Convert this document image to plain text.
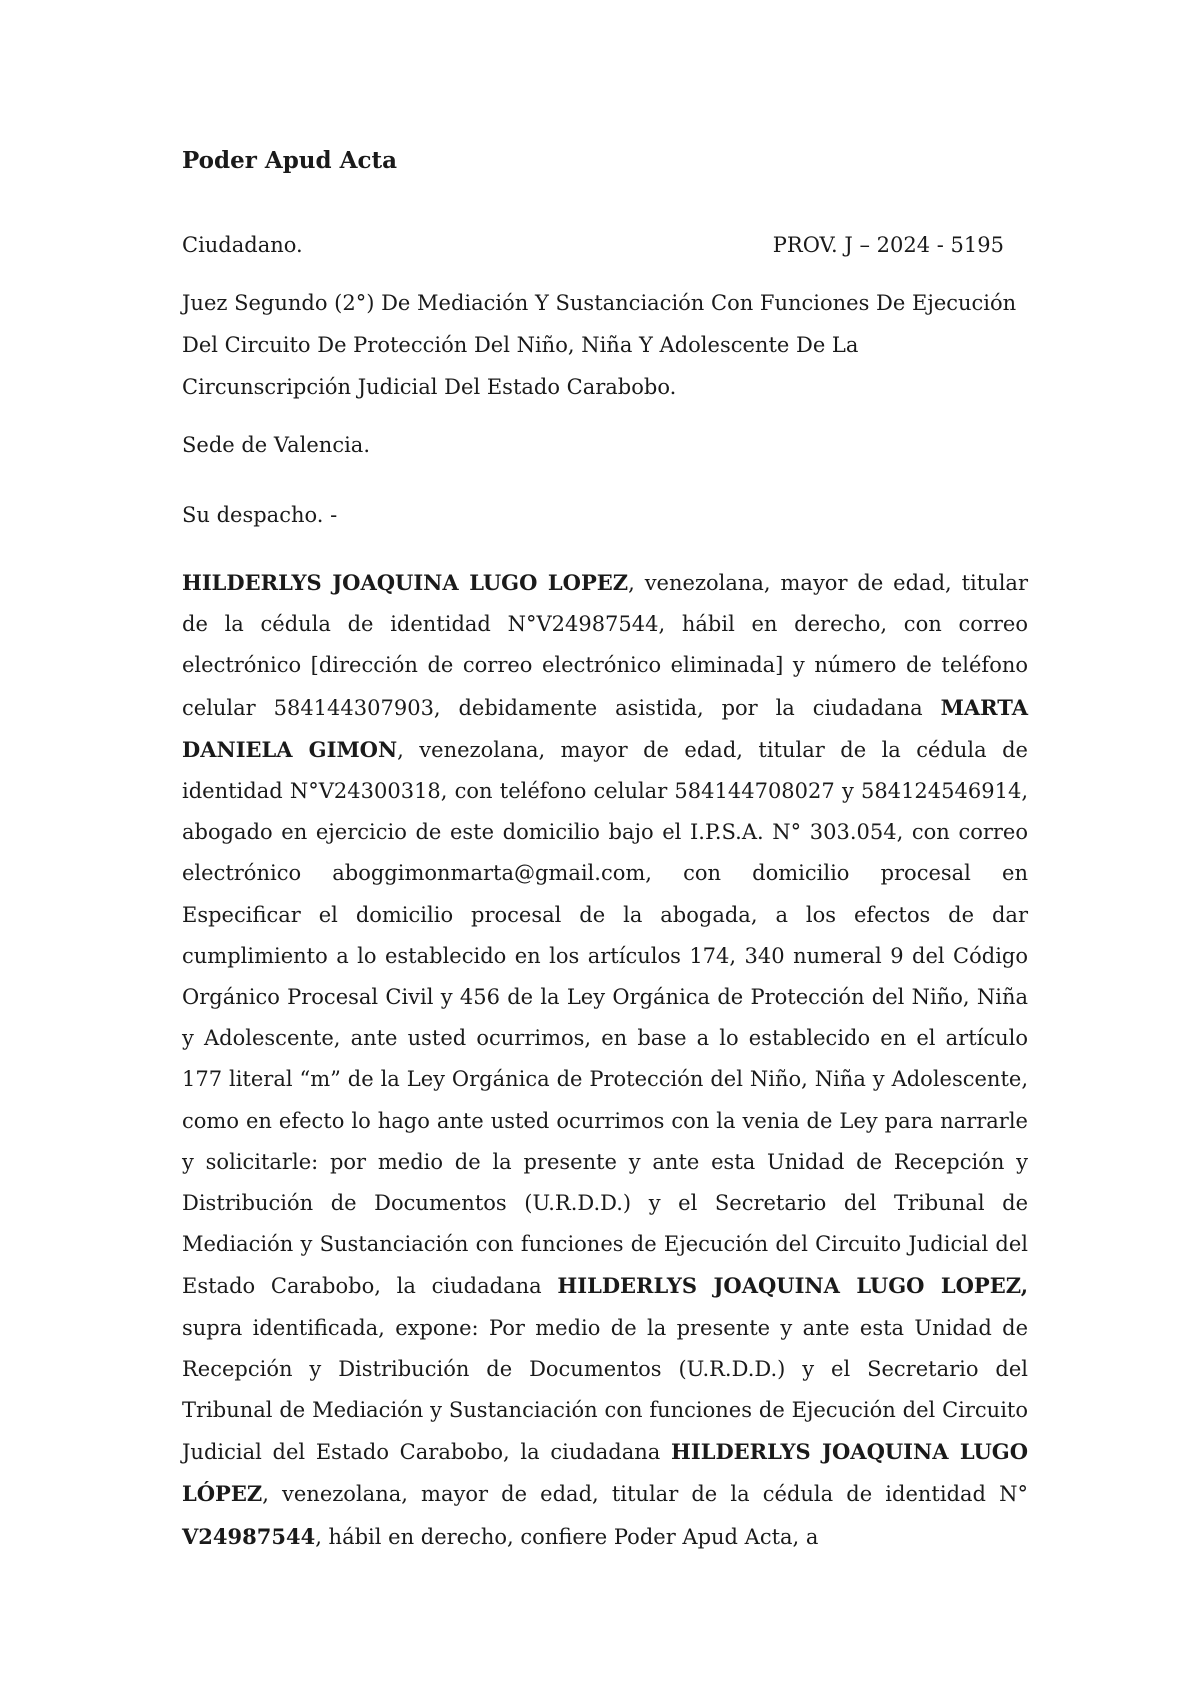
Poder Apud Acta
Ciudadano.	PROV. J – 2024 - 5195
Juez Segundo (2°) De Mediación Y Sustanciación Con Funciones De Ejecución Del Circuito De Protección Del Niño, Niña Y Adolescente De La Circunscripción Judicial Del Estado Carabobo.
Sede de Valencia.
Su despacho. -

HILDERLYS JOAQUINA LUGO LOPEZ, venezolana, mayor de edad, titular de la cédula de identidad N°V24987544, hábil en derecho, con correo electrónico [dirección de correo electrónico eliminada] y número de teléfono celular 584144307903, debidamente asistida, por la ciudadana MARTA DANIELA GIMON, venezolana, mayor de edad, titular de la cédula de identidad N°V24300318, con teléfono celular 584144708027 y 584124546914, abogado en ejercicio de este domicilio bajo el I.P.S.A. N° 303.054, con correo electrónico aboggimonmarta@gmail.com, con domicilio procesal en Especificar el domicilio procesal de la abogada, a los efectos de dar cumplimiento a lo establecido en los artículos 174, 340 numeral 9 del Código Orgánico Procesal Civil y 456 de la Ley Orgánica de Protección del Niño, Niña y Adolescente, ante usted ocurrimos, en base a lo establecido en el artículo 177 literal “m” de la Ley Orgánica de Protección del Niño, Niña y Adolescente, como en efecto lo hago ante usted ocurrimos con la venia de Ley para narrarle y solicitarle: por medio de la presente y ante esta Unidad de Recepción y Distribución de Documentos (U.R.D.D.) y el Secretario del Tribunal de Mediación y Sustanciación con funciones de Ejecución del Circuito Judicial del Estado Carabobo, la ciudadana HILDERLYS JOAQUINA LUGO LOPEZ, supra identificada, expone: Por medio de la presente y ante esta Unidad de Recepción y Distribución de Documentos (U.R.D.D.) y el Secretario del Tribunal de Mediación y Sustanciación con funciones de Ejecución del Circuito Judicial del Estado Carabobo, la ciudadana HILDERLYS JOAQUINA LUGO LÓPEZ, venezolana, mayor de edad, titular de la cédula de identidad N° V24987544, hábil en derecho, confiere Poder Apud Acta, a
